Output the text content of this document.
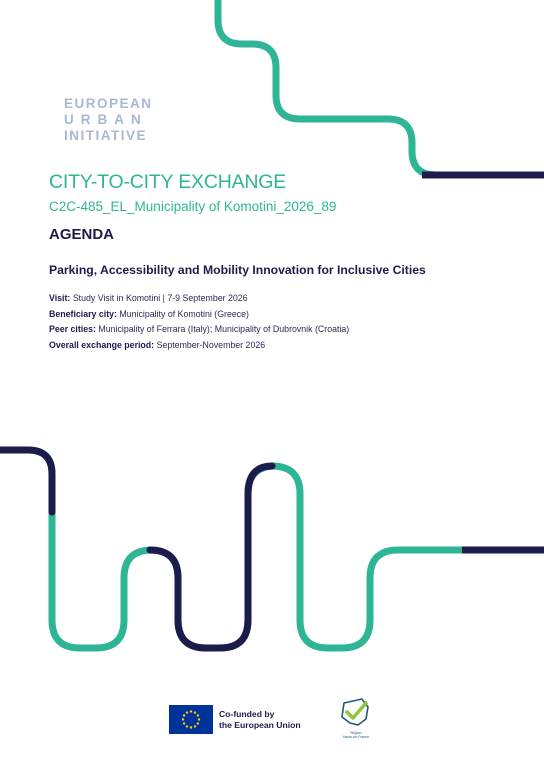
EUROPEAN
URBAN
INITIATIVE
CITY-TO-CITY EXCHANGE
C2C-485_EL_Municipality of Komotini_2026_89
AGENDA
Parking, Accessibility and Mobility Innovation for Inclusive Cities
Visit: Study Visit in Komotini | 7-9 September 2026
Beneficiary city: Municipality of Komotini (Greece)
Peer cities: Municipality of Ferrara (Italy); Municipality of Dubrovnik (Croatia)
Overall exchange period: September-November 2026
Co-funded by
the European Union
Région
Hauts-de-France
